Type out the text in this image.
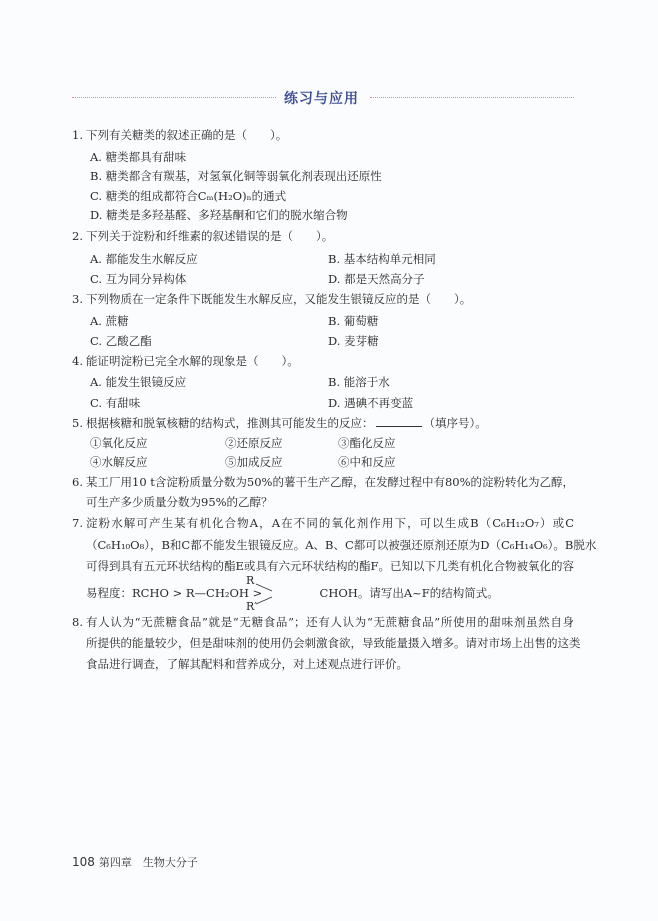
练习与应用
1. 下列有关糖类的叙述正确的是（　　）。
A. 糖类都具有甜味
B. 糖类都含有羰基，对氢氧化铜等弱氧化剂表现出还原性
C. 糖类的组成都符合Cₘ(H₂O)ₙ的通式
D. 糖类是多羟基醛、多羟基酮和它们的脱水缩合物
2. 下列关于淀粉和纤维素的叙述错误的是（　　）。
A. 都能发生水解反应	B. 基本结构单元相同
C. 互为同分异构体	D. 都是天然高分子
3. 下列物质在一定条件下既能发生水解反应，又能发生银镜反应的是（　　）。
A. 蔗糖	B. 葡萄糖
C. 乙酸乙酯	D. 麦芽糖
4. 能证明淀粉已完全水解的现象是（　　）。
A. 能发生银镜反应	B. 能溶于水
C. 有甜味	D. 遇碘不再变蓝
5. 根据核糖和脱氧核糖的结构式，推测其可能发生的反应：	（填序号）。
①氧化反应	②还原反应	③酯化反应
④水解反应	⑤加成反应	⑥中和反应
6. 某工厂用10 t含淀粉质量分数为50%的薯干生产乙醇，在发酵过程中有80%的淀粉转化为乙醇，
可生产多少质量分数为95%的乙醇？
7. 淀粉水解可产生某有机化合物A，A在不同的氧化剂作用下，可以生成B（C₆H₁₂O₇）或C
（C₆H₁₀O₈），B和C都不能发生银镜反应。A、B、C都可以被强还原剂还原为D（C₆H₁₄O₆）。B脱水
可得到具有五元环状结构的酯E或具有六元环状结构的酯F。已知以下几类有机化合物被氧化的容
R
易程度：RCHO > R—CH₂OH >	CHOH。请写出A~F的结构简式。
R′
8. 有人认为“无蔗糖食品”就是“无糖食品”；还有人认为“无蔗糖食品”所使用的甜味剂虽然自身
所提供的能量较少，但是甜味剂的使用仍会刺激食欲，导致能量摄入增多。请对市场上出售的这类
食品进行调查，了解其配料和营养成分，对上述观点进行评价。
108 第四章　生物大分子
